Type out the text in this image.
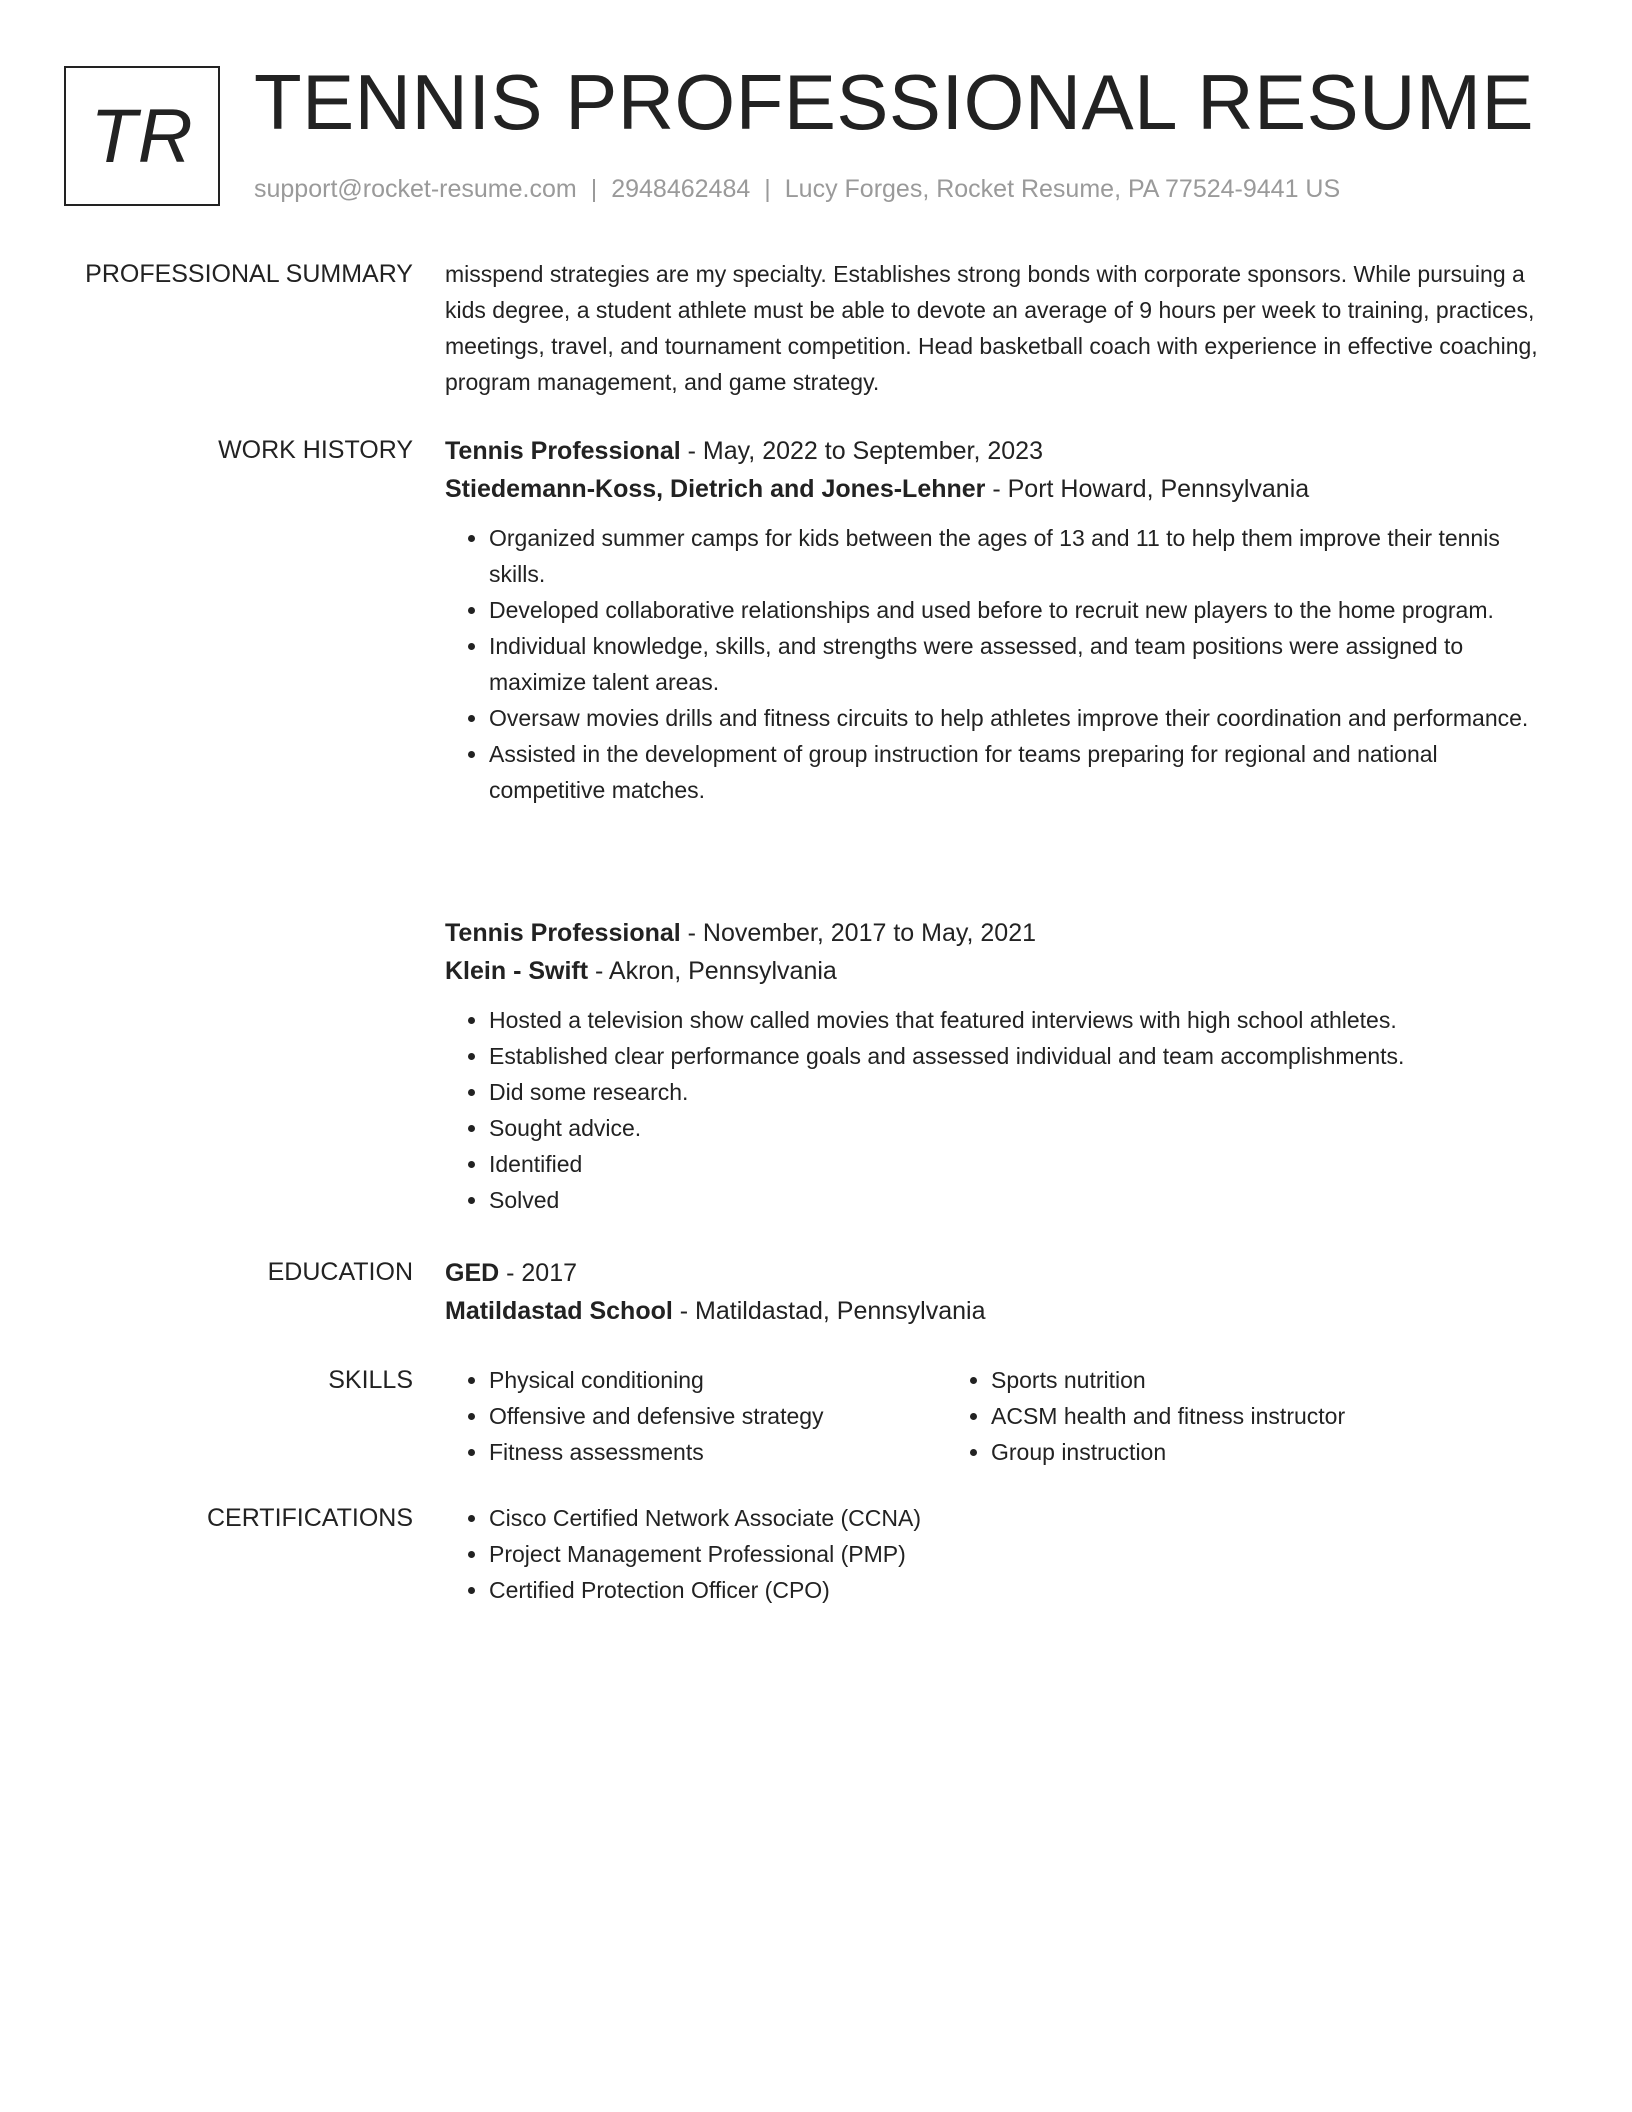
TR TENNIS PROFESSIONAL RESUME
support@rocket-resume.com | 2948462484 | Lucy Forges, Rocket Resume, PA 77524-9441 US
PROFESSIONAL SUMMARY misspend strategies are my specialty. Establishes strong bonds with corporate sponsors. While pursuing a kids degree, a student athlete must be able to devote an average of 9 hours per week to training, practices, meetings, travel, and tournament competition. Head basketball coach with experience in effective coaching, program management, and game strategy.

WORK HISTORY Tennis Professional - May, 2022 to September, 2023
Stiedemann-Koss, Dietrich and Jones-Lehner - Port Howard, Pennsylvania
• Organized summer camps for kids between the ages of 13 and 11 to help them improve their tennis skills.
• Developed collaborative relationships and used before to recruit new players to the home program.
• Individual knowledge, skills, and strengths were assessed, and team positions were assigned to maximize talent areas.
• Oversaw movies drills and fitness circuits to help athletes improve their coordination and performance.
• Assisted in the development of group instruction for teams preparing for regional and national competitive matches.
Tennis Professional - November, 2017 to May, 2021
Klein - Swift - Akron, Pennsylvania
• Hosted a television show called movies that featured interviews with high school athletes.
• Established clear performance goals and assessed individual and team accomplishments.
• Did some research.
• Sought advice.
• Identified
• Solved
EDUCATION GED - 2017
Matildastad School - Matildastad, Pennsylvania
SKILLS	• Physical conditioning
• Offensive and defensive strategy
• Fitness assessments
• Sports nutrition
• ACSM health and fitness instructor
• Group instruction
CERTIFICATIONS	• Cisco Certified Network Associate (CCNA)
• Project Management Professional (PMP)
• Certified Protection Officer (CPO)
